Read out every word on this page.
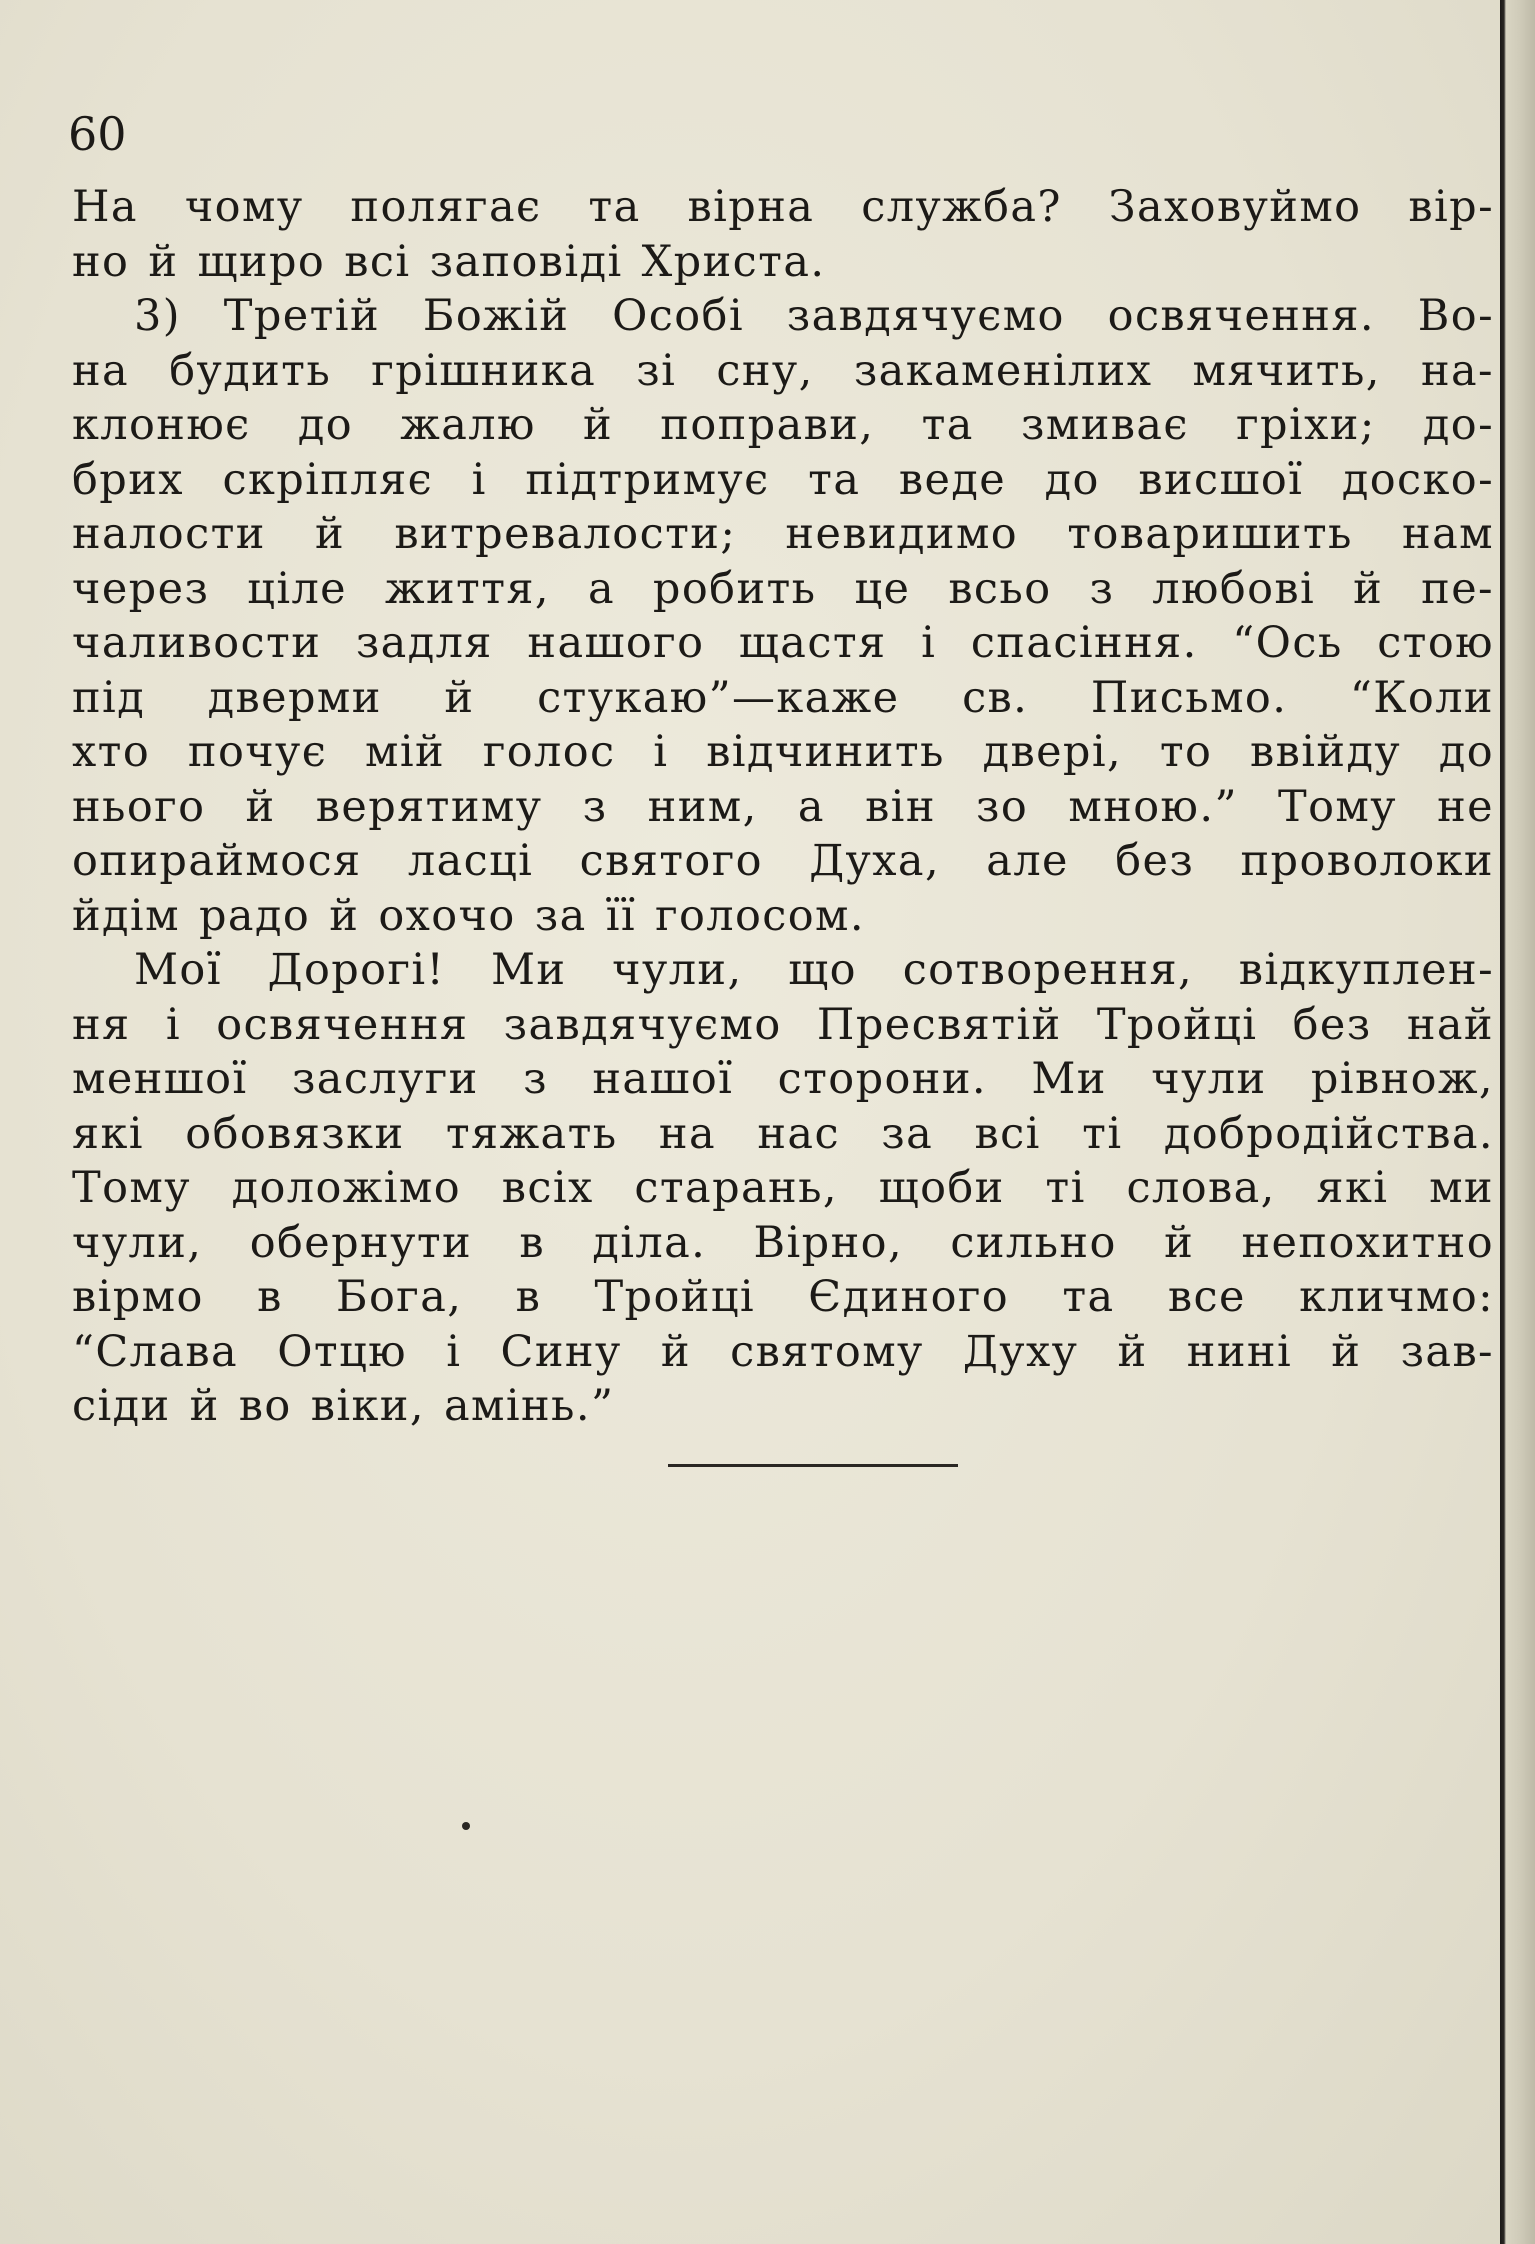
60
На чому полягає та вірна служба? Заховуймо вір-
но й щиро всі заповіді Христа.
3) Третій Божій Особі завдячуємо освячення. Во-
на будить грішника зі сну, закаменілих мячить, на-
клонює до жалю й поправи, та змиває гріхи; до-
брих скріпляє і підтримує та веде до висшої доско-
налости й витревалости; невидимо товаришить нам
через ціле життя, а робить це всьо з любові й пе-
чаливости задля нашого щастя і спасіння. “Ось стою
під дверми й стукаю”—каже св. Письмо. “Коли
хто почує мій голос і відчинить двері, то ввійду до
нього й верятиму з ним, а він зо мною.” Тому не
опираймося ласці святого Духа, але без проволоки
йдім радо й охочо за її голосом.
Мої Дорогі! Ми чули, що сотворення, відкуплен-
ня і освячення завдячуємо Пресвятій Тройці без най
меншої заслуги з нашої сторони. Ми чули рівнож,
які обовязки тяжать на нас за всі ті добродійства.
Тому доложімо всіх старань, щоби ті слова, які ми
чули, обернути в діла. Вірно, сильно й непохитно
вірмо в Бога, в Тройці Єдиного та все кличмо:
“Слава Отцю і Сину й святому Духу й нині й зав-
сіди й во віки, амінь.”
